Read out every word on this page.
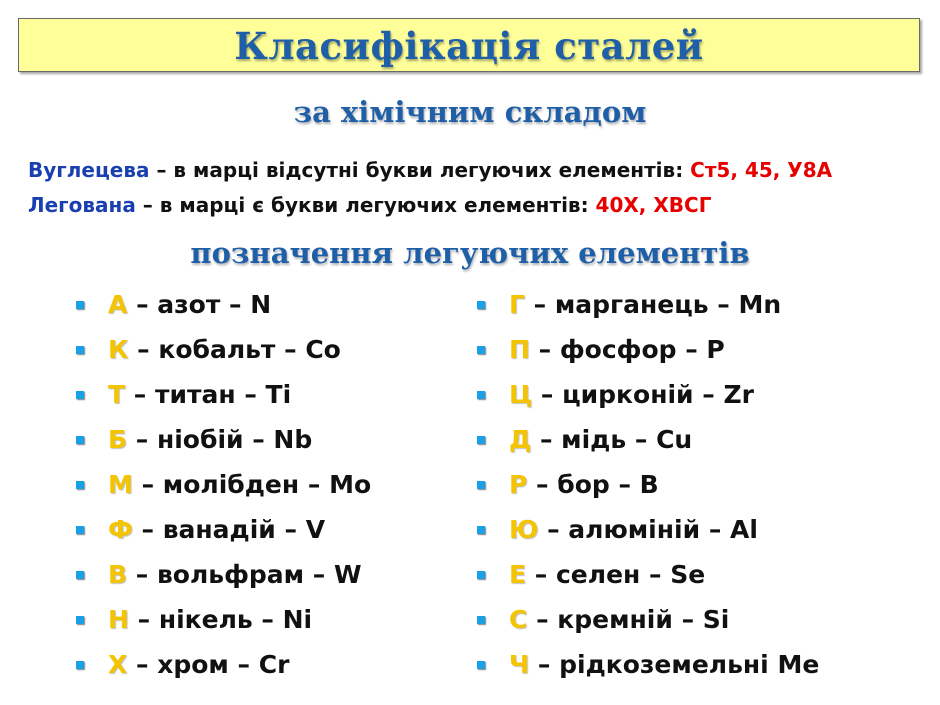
Класифікація сталей
за хімічним складом
Вуглецева – в марці відсутні букви легуючих елементів: Ст5, 45, У8А
Легована – в марці є букви легуючих елементів: 40Х, ХВСГ
позначення легуючих елементів
А – азот – N
К – кобальт – Co
Т – титан – Ti
Б – ніобій – Nb
М – молібден – Mo
Ф – ванадій – V
В – вольфрам – W
Н – нікель – Ni
Х – хром – Cr
Г – марганець – Mn
П – фосфор – P
Ц – цирконій – Zr
Д – мідь – Cu
Р – бор – B
Ю – алюміній – Al
Е – селен – Se
С – кремній – Si
Ч – рідкоземельні Me
